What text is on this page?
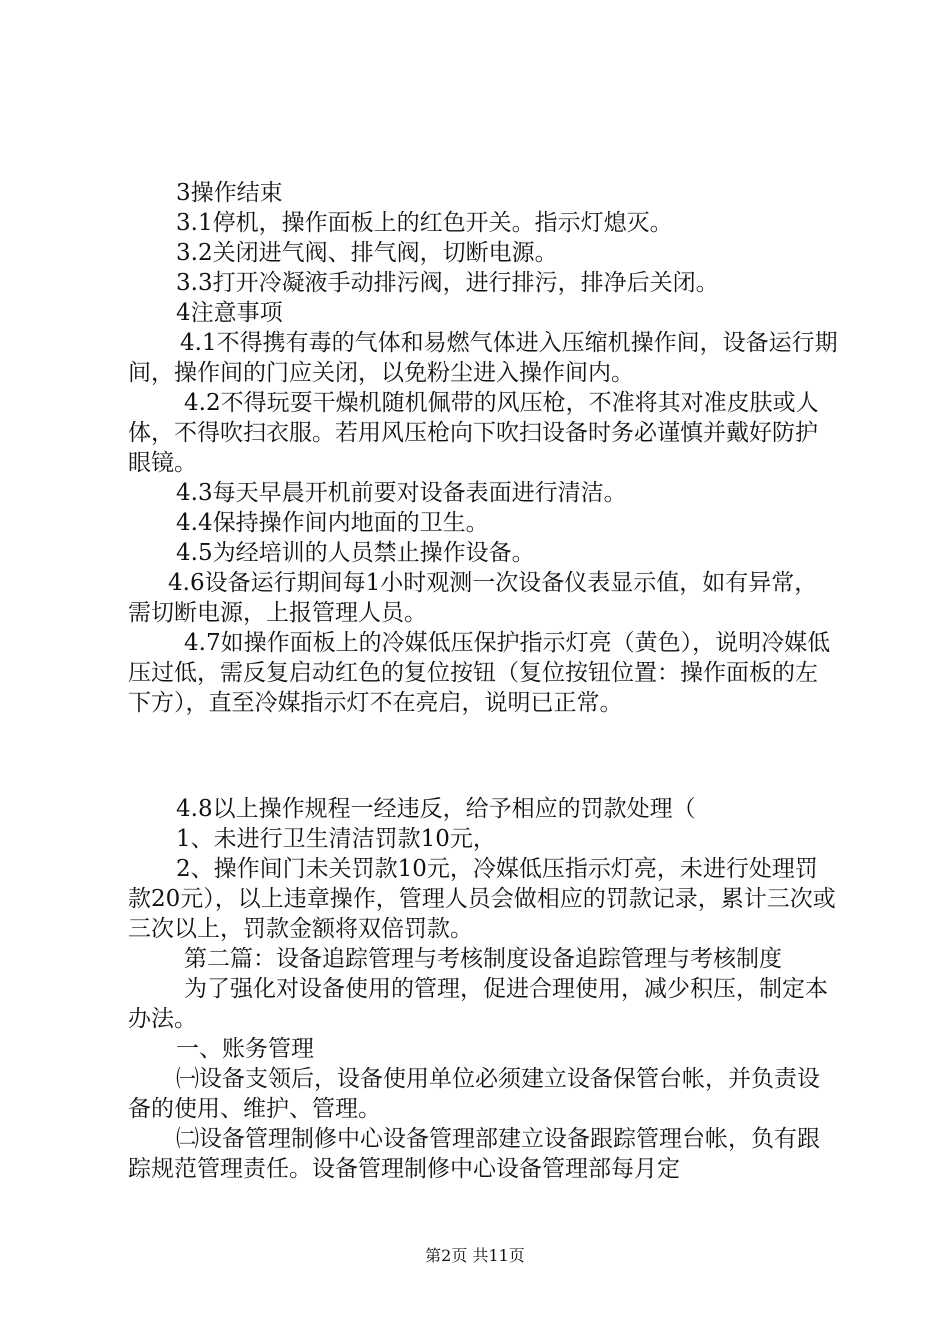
3操作结束

3.1停机，操作面板上的红色开关。指示灯熄灭。

3.2关闭进气阀、排气阀，切断电源。

3.3打开冷凝液手动排污阀，进行排污，排净后关闭。

4注意事项

4.1不得携有毒的气体和易燃气体进入压缩机操作间，设备运行期间，操作间的门应关闭，以免粉尘进入操作间内。

4.2不得玩耍干燥机随机佩带的风压枪，不准将其对准皮肤或人体，不得吹扫衣服。若用风压枪向下吹扫设备时务必谨慎并戴好防护眼镜。

4.3每天早晨开机前要对设备表面进行清洁。

4.4保持操作间内地面的卫生。

4.5为经培训的人员禁止操作设备。

4.6设备运行期间每1小时观测一次设备仪表显示值，如有异常，需切断电源，上报管理人员。

4.7如操作面板上的冷媒低压保护指示灯亮（黄色），说明冷媒低压过低，需反复启动红色的复位按钮（复位按钮位置：操作面板的左下方），直至冷媒指示灯不在亮启，说明已正常。

4.8以上操作规程一经违反，给予相应的罚款处理（

1、未进行卫生清洁罚款10元，

2、操作间门未关罚款10元，冷媒低压指示灯亮，未进行处理罚款20元），以上违章操作，管理人员会做相应的罚款记录，累计三次或三次以上，罚款金额将双倍罚款。

第二篇：设备追踪管理与考核制度设备追踪管理与考核制度

为了强化对设备使用的管理，促进合理使用，减少积压，制定本办法。

一、账务管理

㈠设备支领后，设备使用单位必须建立设备保管台帐，并负责设备的使用、维护、管理。

㈡设备管理制修中心设备管理部建立设备跟踪管理台帐，负有跟踪规范管理责任。设备管理制修中心设备管理部每月定

第2页 共11页
